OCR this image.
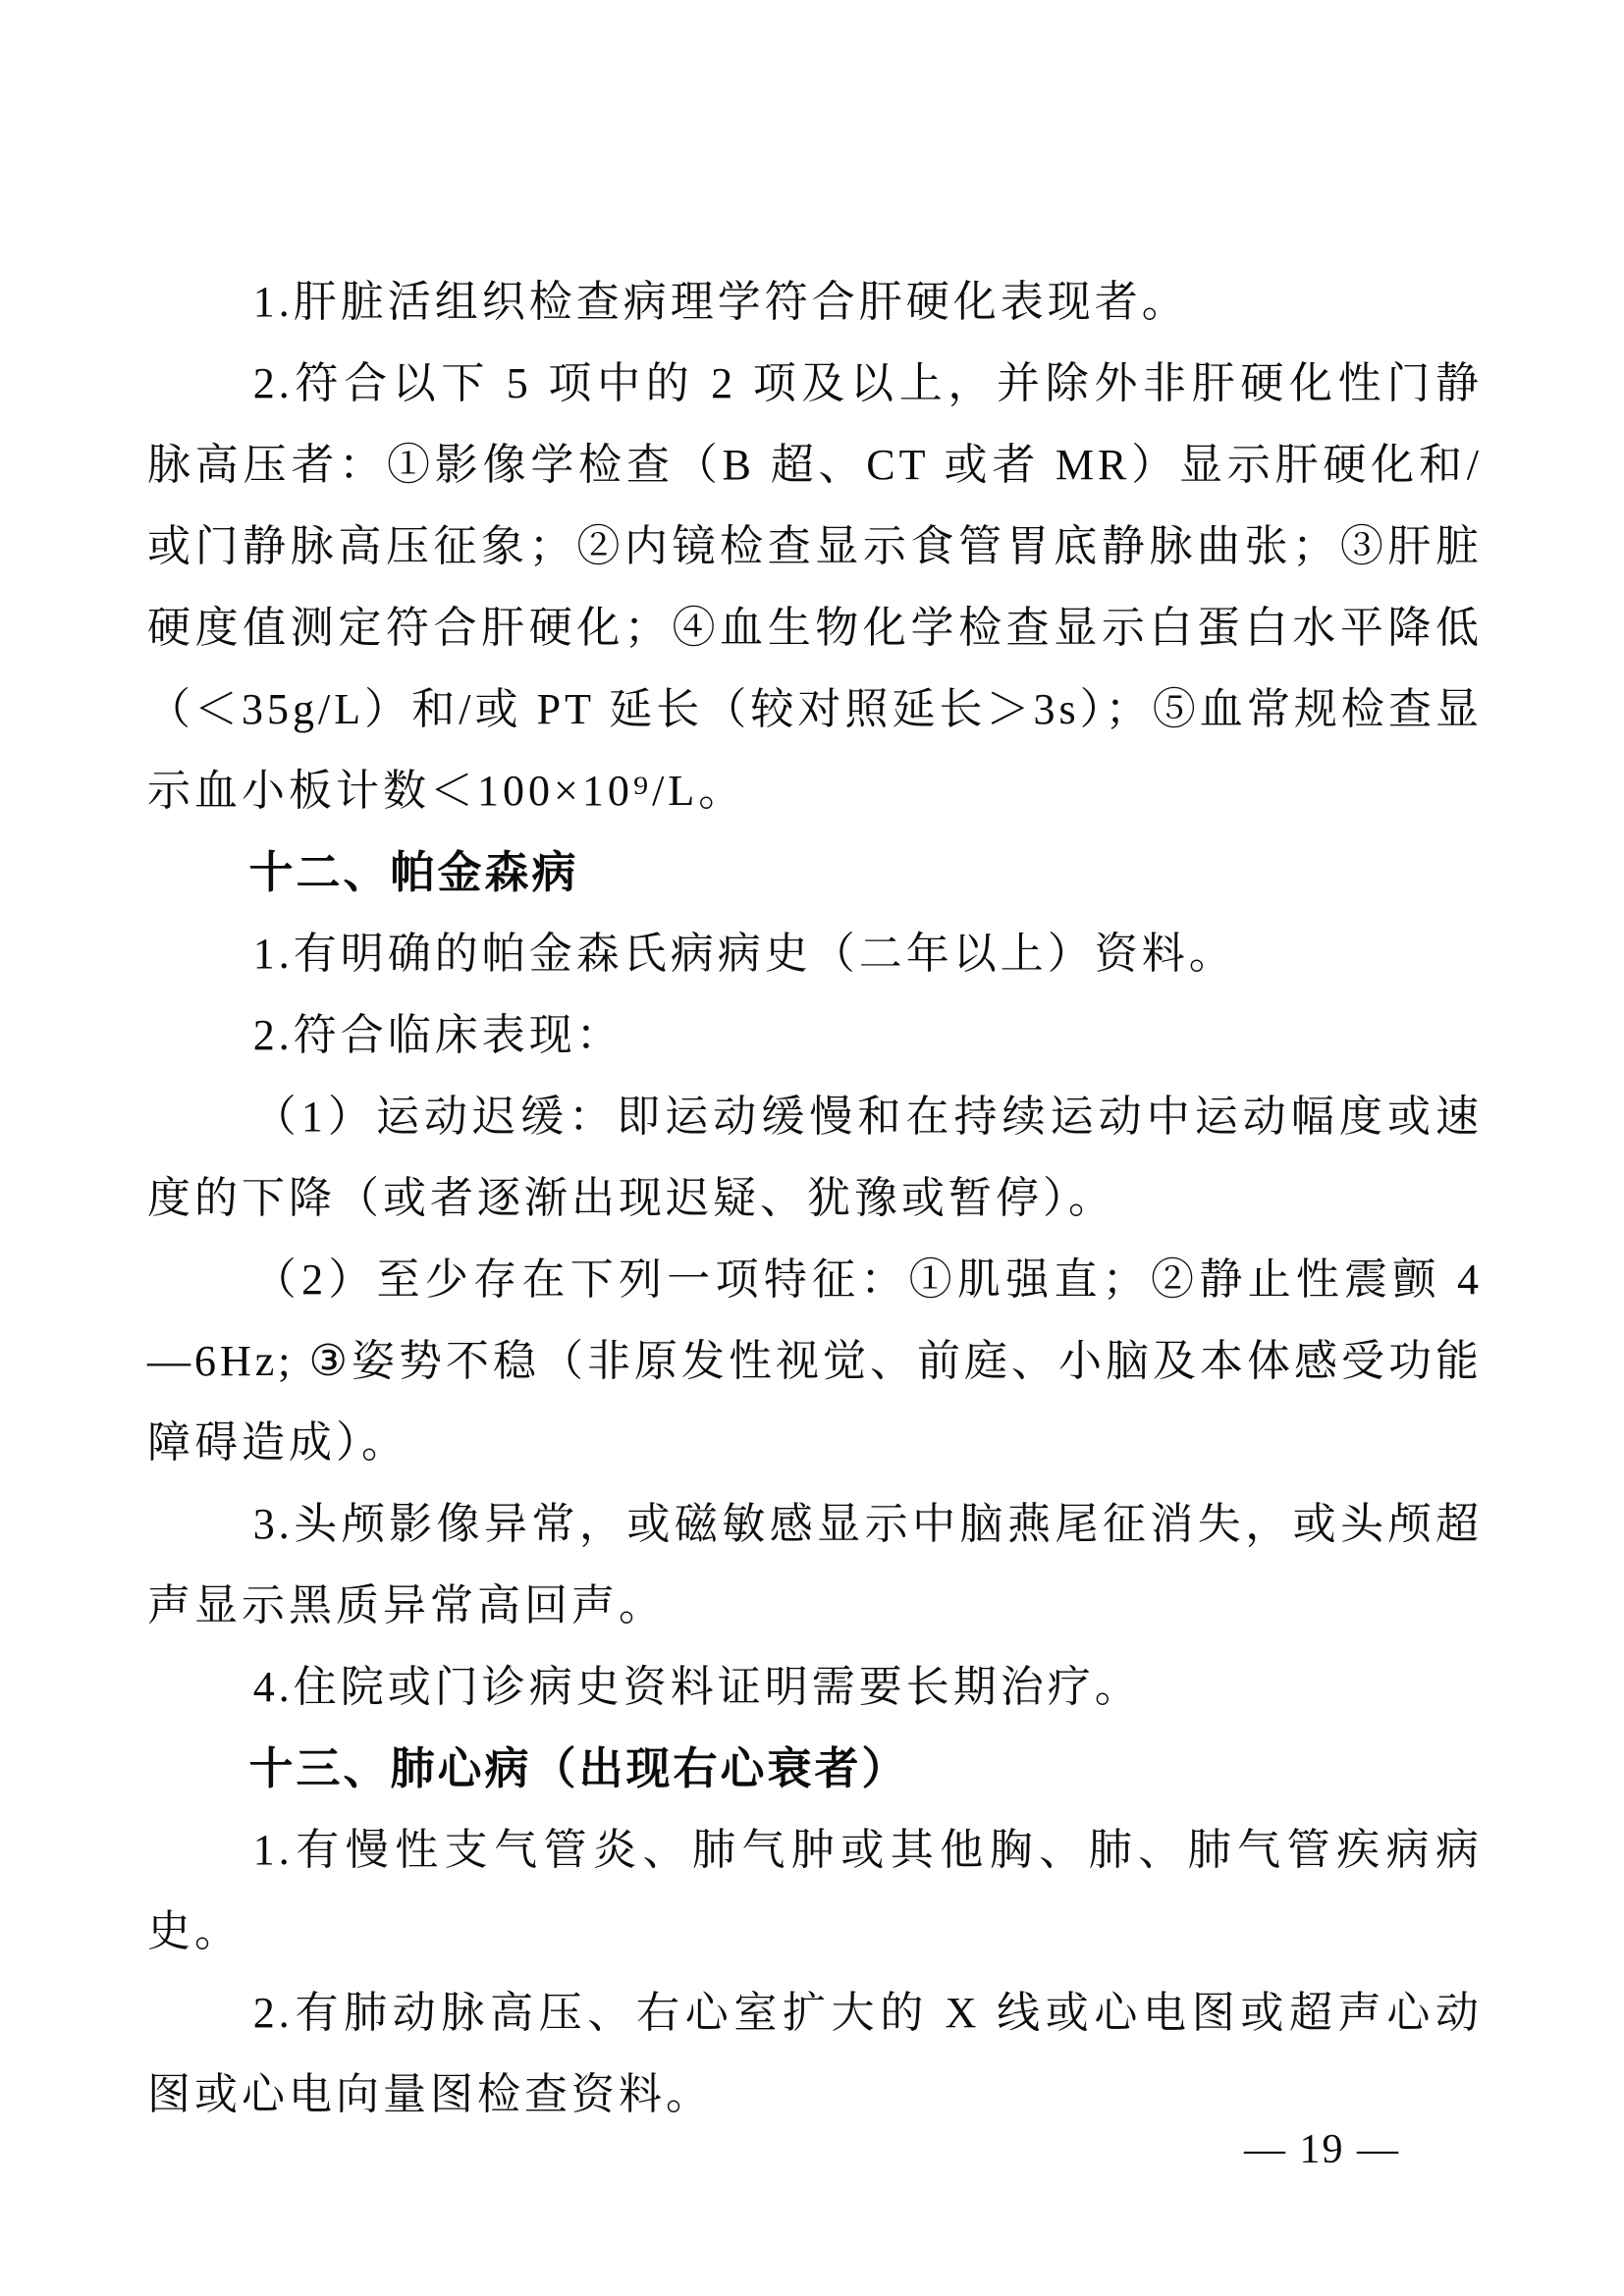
1.肝脏活组织检查病理学符合肝硬化表现者。

2.符合以下 5 项中的 2 项及以上，并除外非肝硬化性门静脉高压者：①影像学检查（B 超、CT 或者 MR）显示肝硬化和/或门静脉高压征象；②内镜检查显示食管胃底静脉曲张；③肝脏硬度值测定符合肝硬化；④血生物化学检查显示白蛋白水平降低（＜35g/L）和/或 PT 延长（较对照延长＞3s）；⑤血常规检查显示血小板计数＜100×10⁹/L。

十二、帕金森病

1.有明确的帕金森氏病病史（二年以上）资料。

2.符合临床表现：

（1）运动迟缓：即运动缓慢和在持续运动中运动幅度或速度的下降（或者逐渐出现迟疑、犹豫或暂停）。

（2）至少存在下列一项特征：①肌强直；②静止性震颤 4—6Hz; ③姿势不稳（非原发性视觉、前庭、小脑及本体感受功能障碍造成）。

3.头颅影像异常，或磁敏感显示中脑燕尾征消失，或头颅超声显示黑质异常高回声。

4.住院或门诊病史资料证明需要长期治疗。

十三、肺心病（出现右心衰者）

1.有慢性支气管炎、肺气肿或其他胸、肺、肺气管疾病病史。

2.有肺动脉高压、右心室扩大的 X 线或心电图或超声心动图或心电向量图检查资料。

— 19 —
